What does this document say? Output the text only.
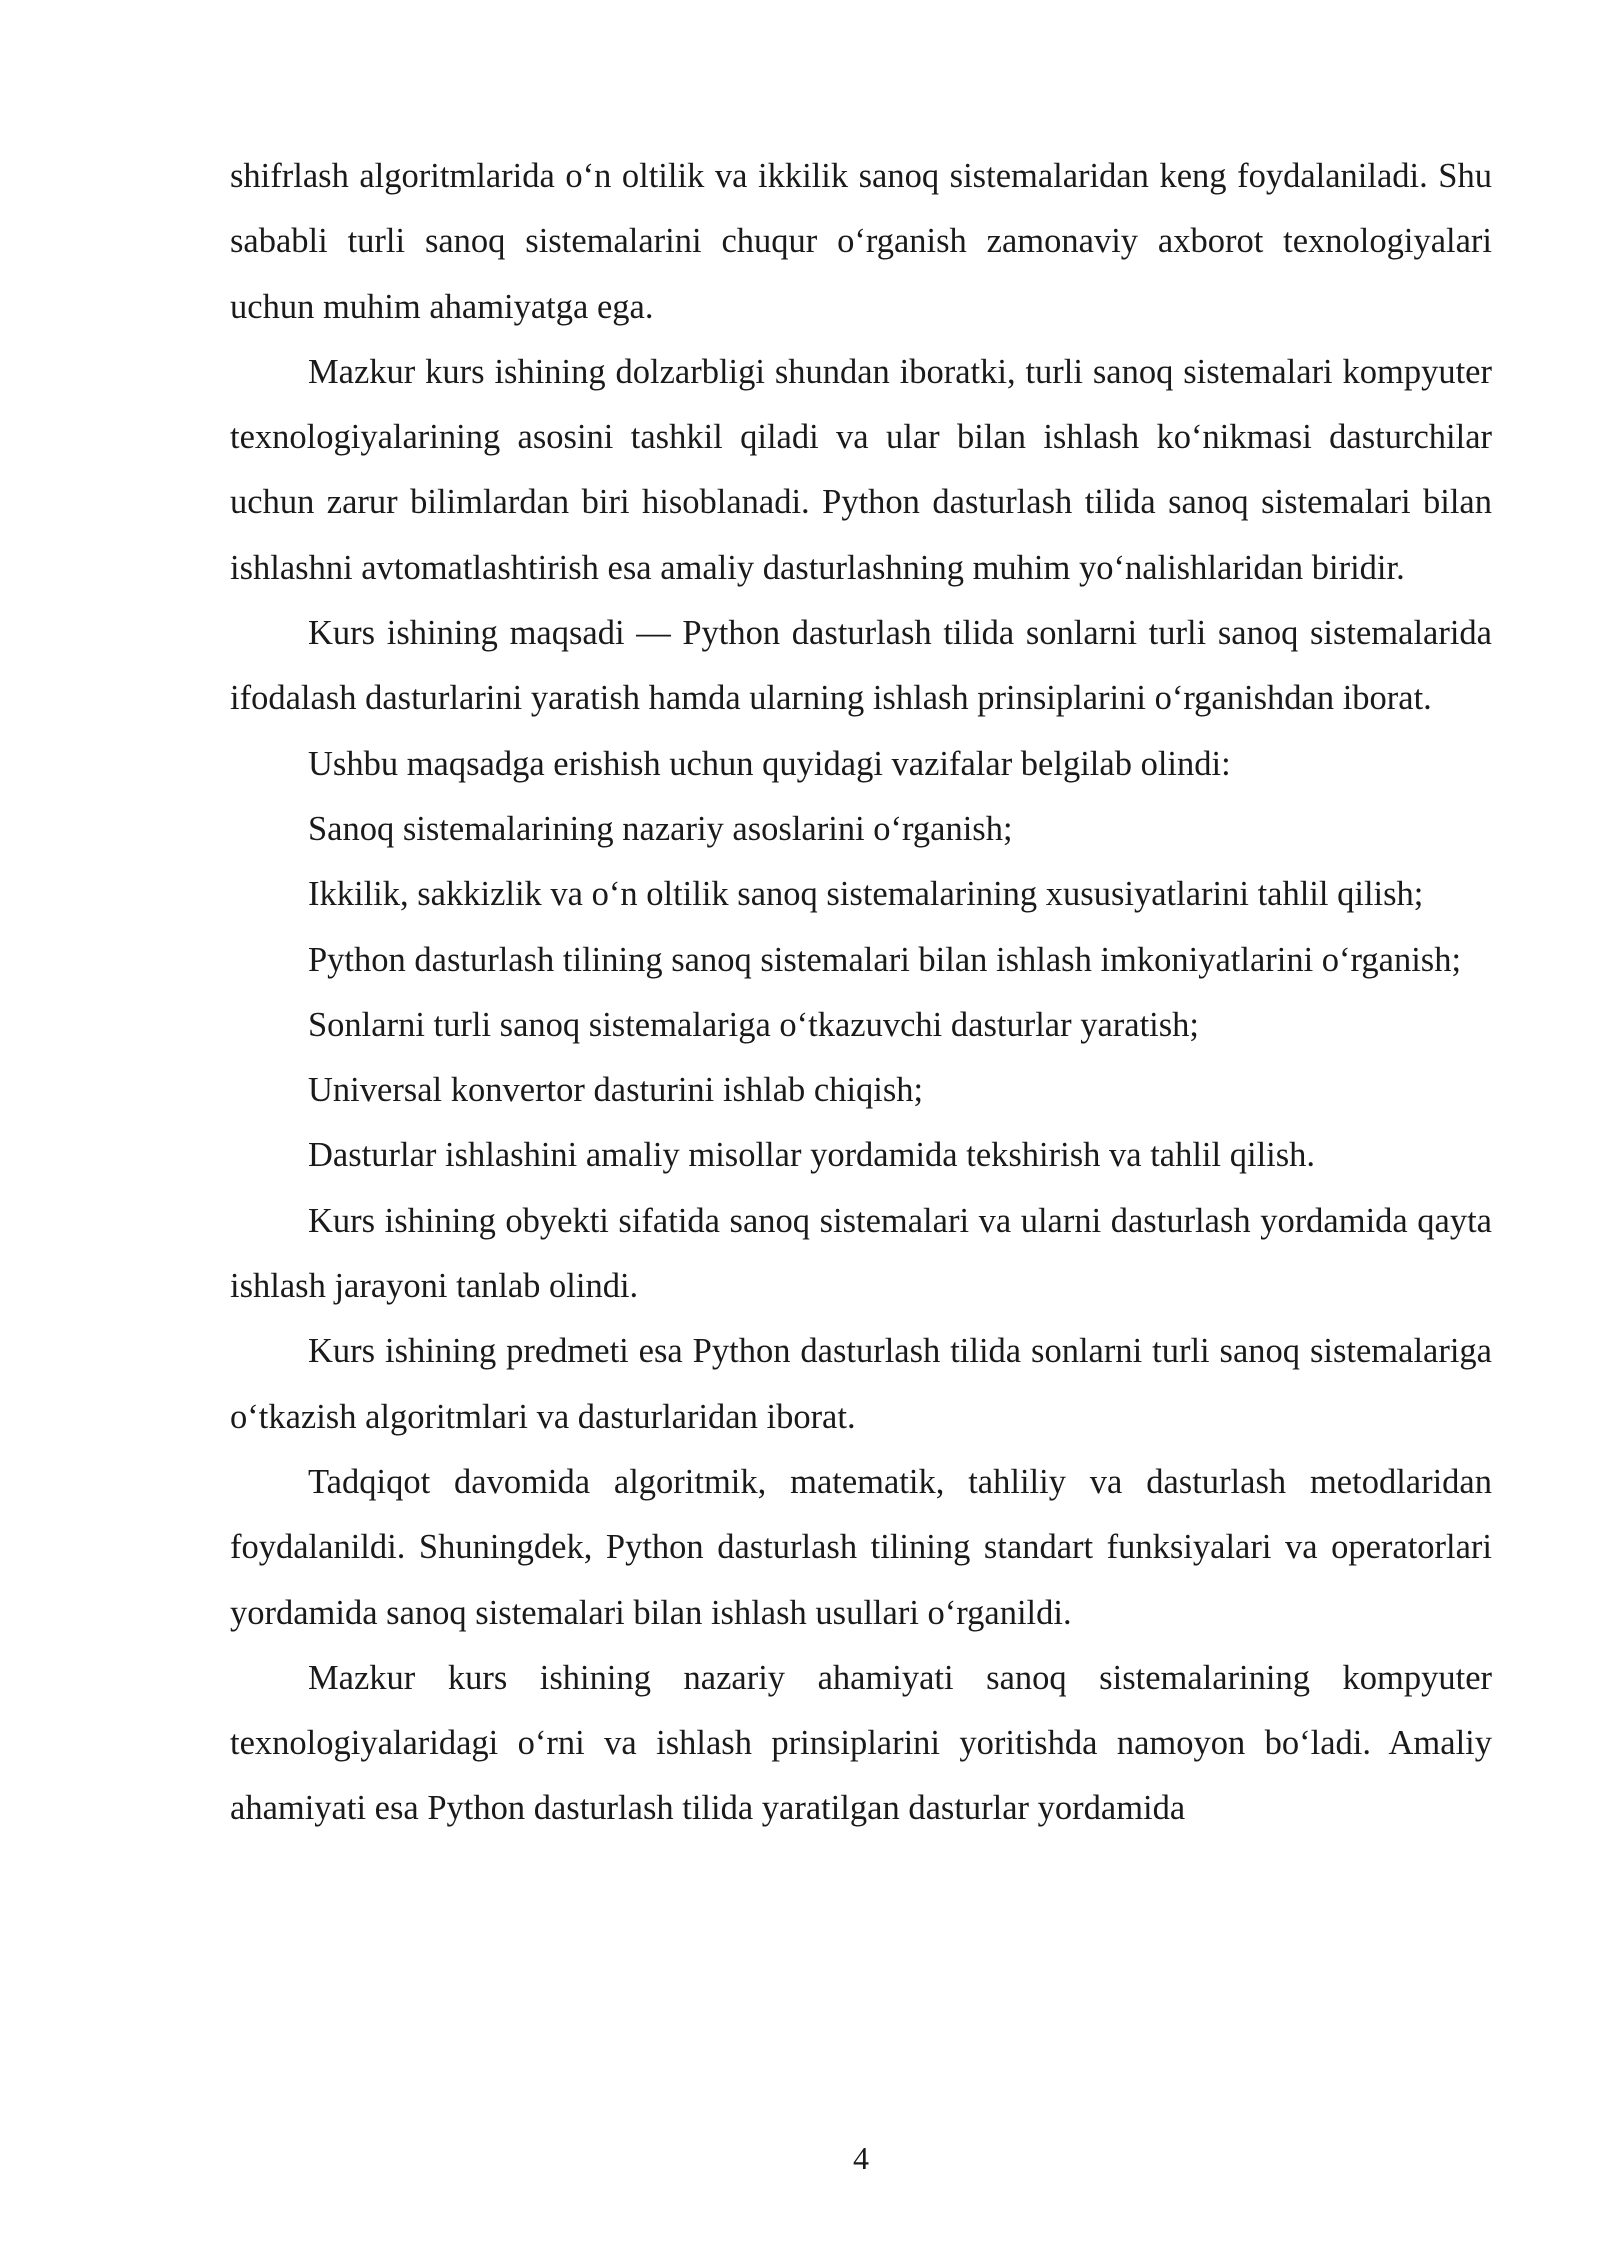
shifrlash algoritmlarida o‘n oltilik va ikkilik sanoq sistemalaridan keng foydalaniladi. Shu sababli turli sanoq sistemalarini chuqur o‘rganish zamonaviy axborot texnologiyalari uchun muhim ahamiyatga ega.

Mazkur kurs ishining dolzarbligi shundan iboratki, turli sanoq sistemalari kompyuter texnologiyalarining asosini tashkil qiladi va ular bilan ishlash ko‘nikmasi dasturchilar uchun zarur bilimlardan biri hisoblanadi. Python dasturlash tilida sanoq sistemalari bilan ishlashni avtomatlashtirish esa amaliy dasturlashning muhim yo‘nalishlaridan biridir.

Kurs ishining maqsadi — Python dasturlash tilida sonlarni turli sanoq sistemalarida ifodalash dasturlarini yaratish hamda ularning ishlash prinsiplarini o‘rganishdan iborat.

Ushbu maqsadga erishish uchun quyidagi vazifalar belgilab olindi:

Sanoq sistemalarining nazariy asoslarini o‘rganish;

Ikkilik, sakkizlik va o‘n oltilik sanoq sistemalarining xususiyatlarini tahlil qilish;

Python dasturlash tilining sanoq sistemalari bilan ishlash imkoniyatlarini o‘rganish;

Sonlarni turli sanoq sistemalariga o‘tkazuvchi dasturlar yaratish;

Universal konvertor dasturini ishlab chiqish;

Dasturlar ishlashini amaliy misollar yordamida tekshirish va tahlil qilish.

Kurs ishining obyekti sifatida sanoq sistemalari va ularni dasturlash yordamida qayta ishlash jarayoni tanlab olindi.

Kurs ishining predmeti esa Python dasturlash tilida sonlarni turli sanoq sistemalariga o‘tkazish algoritmlari va dasturlaridan iborat.

Tadqiqot davomida algoritmik, matematik, tahliliy va dasturlash metodlaridan foydalanildi. Shuningdek, Python dasturlash tilining standart funksiyalari va operatorlari yordamida sanoq sistemalari bilan ishlash usullari o‘rganildi.

Mazkur kurs ishining nazariy ahamiyati sanoq sistemalarining kompyuter texnologiyalaridagi o‘rni va ishlash prinsiplarini yoritishda namoyon bo‘ladi. Amaliy ahamiyati esa Python dasturlash tilida yaratilgan dasturlar yordamida

4
